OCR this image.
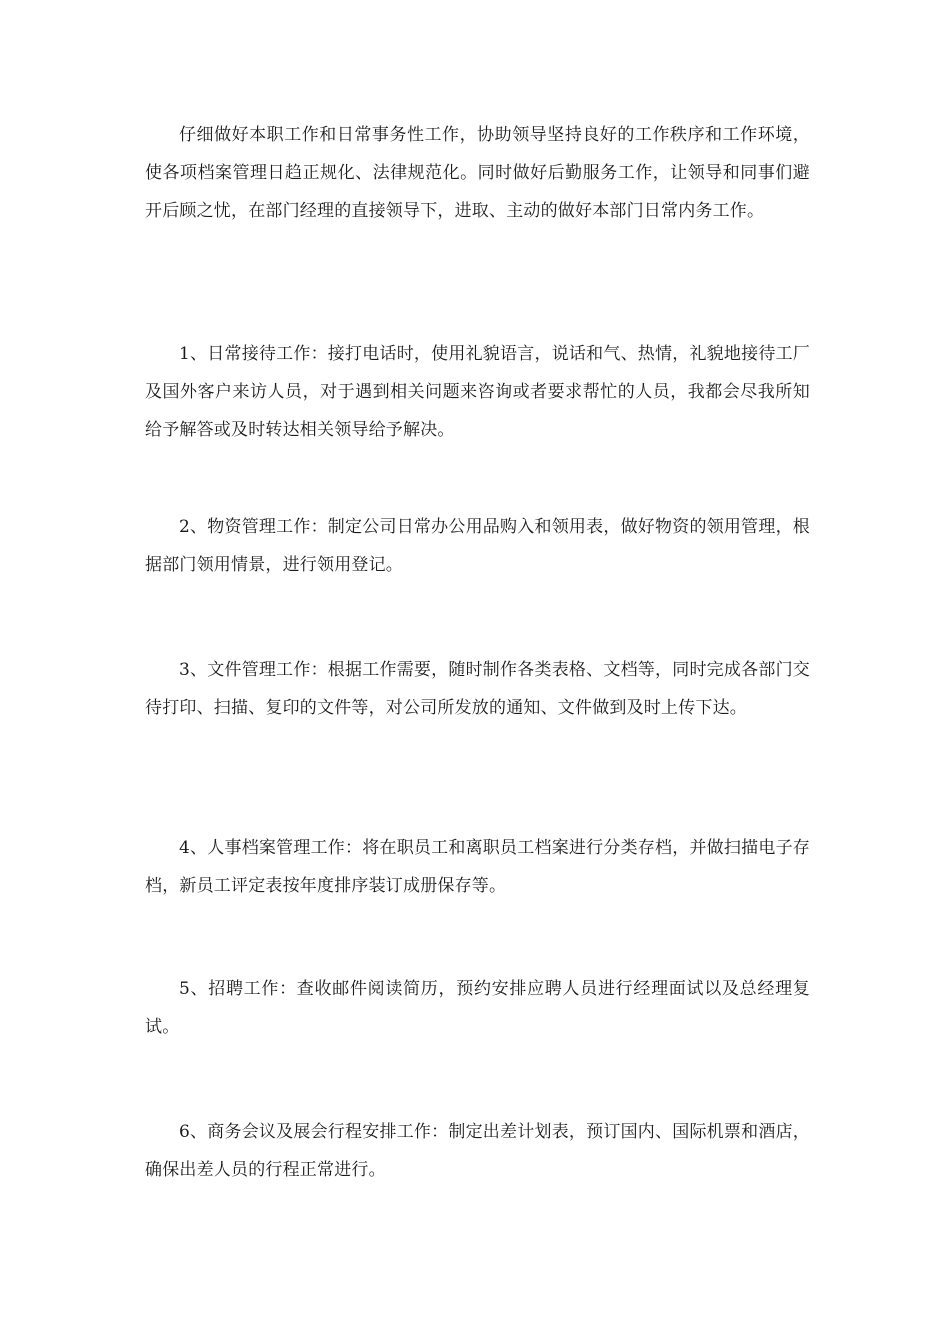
仔细做好本职工作和日常事务性工作，协助领导坚持良好的工作秩序和工作环境，使各项档案管理日趋正规化、法律规范化。同时做好后勤服务工作，让领导和同事们避开后顾之忧，在部门经理的直接领导下，进取、主动的做好本部门日常内务工作。

1、日常接待工作：接打电话时，使用礼貌语言，说话和气、热情，礼貌地接待工厂及国外客户来访人员，对于遇到相关问题来咨询或者要求帮忙的人员，我都会尽我所知给予解答或及时转达相关领导给予解决。

2、物资管理工作：制定公司日常办公用品购入和领用表，做好物资的领用管理，根据部门领用情景，进行领用登记。

3、文件管理工作：根据工作需要，随时制作各类表格、文档等，同时完成各部门交待打印、扫描、复印的文件等，对公司所发放的通知、文件做到及时上传下达。

4、人事档案管理工作：将在职员工和离职员工档案进行分类存档，并做扫描电子存档，新员工评定表按年度排序装订成册保存等。

5、招聘工作：查收邮件阅读简历，预约安排应聘人员进行经理面试以及总经理复试。

6、商务会议及展会行程安排工作：制定出差计划表，预订国内、国际机票和酒店，确保出差人员的行程正常进行。
